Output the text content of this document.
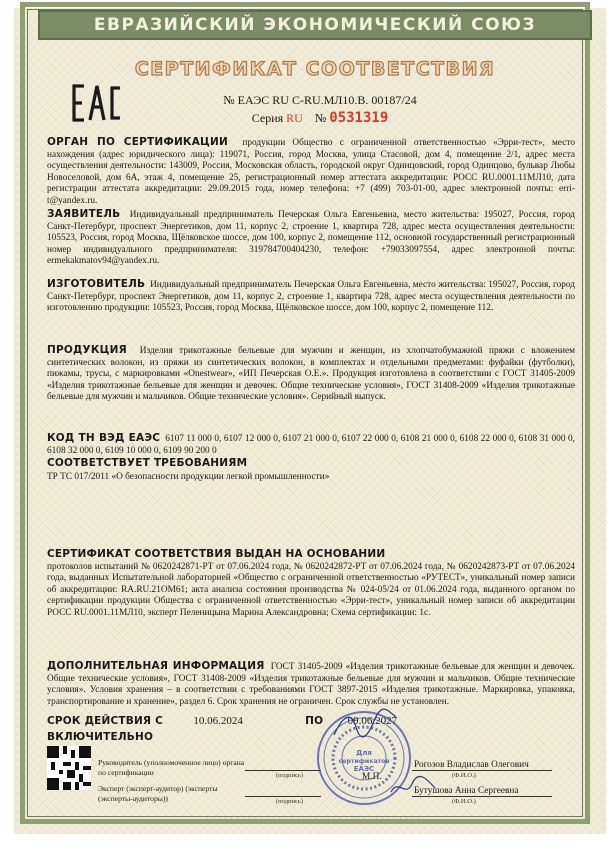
ЕВРАЗИЙСКИЙ ЭКОНОМИЧЕСКИЙ СОЮЗ
СЕРТИФИКАТ СООТВЕТСТВИЯ
№ ЕАЭС RU C-RU.МЛ10.В. 00187/24
Серия RU № 0531319
ОРГАН ПО СЕРТИФИКАЦИИ продукции Общество с ограниченной ответственностью «Эрри-тест», место нахождения (адрес юридического лица): 119071, Россия, город Москва, улица Стасовой, дом 4, помещение 2/1, адрес места осуществления деятельности: 143009, Россия, Московская область, городской округ Одинцовский, город Одинцово, бульвар Любы Новоселовой, дом 6А, этаж 4, помещение 25, регистрационный номер аттестата аккредитации: РОСС RU.0001.11МЛ10, дата регистрации аттестата аккредитации: 29.09.2015 года, номер телефона: +7 (499) 703-01-00, адрес электронной почты: erri-t@yandex.ru.
ЗАЯВИТЕЛЬ Индивидуальный предприниматель Печерская Ольга Евгеньевна, место жительства: 195027, Россия, город Санкт-Петербург, проспект Энергетиков, дом 11, корпус 2, строение 1, квартира 728, адрес места осуществления деятельности: 105523, Россия, город Москва, Щёлковское шоссе, дом 100, корпус 2, помещение 112, основной государственный регистрационный номер индивидуального предпринимателя: 319784700404230, телефон: +79033097554, адрес электронной почты: ermekakmatov94@yandex.ru.
ИЗГОТОВИТЕЛЬ Индивидуальный предприниматель Печерская Ольга Евгеньевна, место жительства: 195027, Россия, город Санкт-Петербург, проспект Энергетиков, дом 11, корпус 2, строение 1, квартира 728, адрес места осуществления деятельности по изготовлению продукции: 105523, Россия, город Москва, Щёлковское шоссе, дом 100, корпус 2, помещение 112.
ПРОДУКЦИЯ Изделия трикотажные бельевые для мужчин и женщин, из хлопчатобумажной пряжи с вложением синтетических волокон, из пряжи из синтетических волокон, в комплектах и отдельными предметами: фуфайки (футболки), пижамы, трусы, с маркировками «Onestwear», «ИП Печерская О.Е.». Продукция изготовлена в соответствии с ГОСТ 31405-2009 «Изделия трикотажные бельевые для женщин и девочек. Общие технические условия», ГОСТ 31408-2009 «Изделия трикотажные бельевые для мужчин и мальчиков. Общие технические условия». Серийный выпуск.
КОД ТН ВЭД ЕАЭС 6107 11 000 0, 6107 12 000 0, 6107 21 000 0, 6107 22 000 0, 6108 21 000 0, 6108 22 000 0, 6108 31 000 0, 6108 32 000 0, 6109 10 000 0, 6109 90 200 0
СООТВЕТСТВУЕТ ТРЕБОВАНИЯМ
ТР ТС 017/2011 «О безопасности продукции легкой промышленности»
СЕРТИФИКАТ СООТВЕТСТВИЯ ВЫДАН НА ОСНОВАНИИ
протоколов испытаний № 0620242871-РТ от 07.06.2024 года, № 0620242872-РТ от 07.06.2024 года, № 0620242873-РТ от 07.06.2024 года, выданных Испытательной лабораторией «Общество с ограниченной ответственностью «РУТЕСТ», уникальный номер записи об аккредитации: RA.RU.21ОМ61; акта анализа состояния производства № 024-05/24 от 01.06.2024 года, выданного органом по сертификации продукции Общества с ограниченной ответственностью «Эрри-тест», уникальный номер записи об аккредитации РОСС RU.0001.11МЛ10, эксперт Пеленицына Марина Александровна; Схема сертификации: 1с.
ДОПОЛНИТЕЛЬНАЯ ИНФОРМАЦИЯ ГОСТ 31405-2009 «Изделия трикотажные бельевые для женщин и девочек. Общие технические условия», ГОСТ 31408-2009 «Изделия трикотажные бельевые для мужчин и мальчиков. Общие технические условия». Условия хранения – в соответствии с требованиями ГОСТ 3897-2015 «Изделия трикотажные. Маркировка, упаковка, транспортирование и хранение», раздел 6. Срок хранения не ограничен. Срок службы не установлен.
СРОК ДЕЙСТВИЯ С	10.06.2024	ПО 09.06.2027
ВКЛЮЧИТЕЛЬНО
Руководитель (уполномоченное лицо) органа по сертификации	(подпись)
Рогозов Владислав Олегович
(Ф.И.О.)
М.П.
Эксперт (эксперт-аудитор) (эксперты (эксперты-аудиторы))	(подпись)
Бутушова Анна Сергеевна
(Ф.И.О.)
Для
сертификатов
ЕАЭС
· · · · · · · · · · · · · · · · · · · · · · · · · · · · · · · · · · · ·
